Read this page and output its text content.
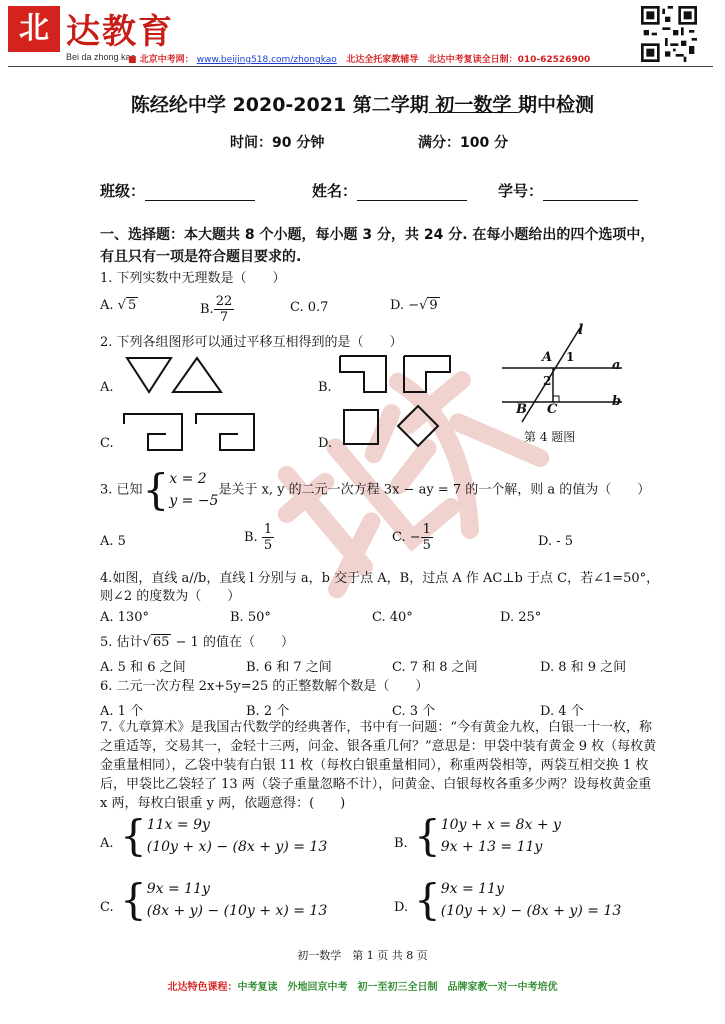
北 达教育
Bei da zhong kao
■ 北京中考网： www.beijing518.com/zhongkao 北达全托家教辅导 北达中考复读全日制：010-62526900
陈经纶中学 2020-2021 第二学期 初一数学 期中检测
时间：90 分钟	满分：100 分
班级：	姓名：	学号：
一、选择题：本大题共 8 个小题，每小题 3 分，共 24 分. 在每小题给出的四个选项中，有且只有一项是符合题目要求的.
1. 下列实数中无理数是（　　）
A. √ 5	B. $\frac{22}{7}$	C. 0.7̇	D. −√ 9
2. 下列各组图形可以通过平移互相得到的是（　　）
A.	B.
C.	D.
l
A 1
a
2
B C
b
第 4 题图
3. 已知{x = 2
y = −5是关于 x, y 的二元一次方程 3x − ay = 7 的一个解，则 a 的值为（　　）
A. 5	B. $\frac{1}{5}$	C. − $\frac{1}{5}$	D. - 5
4.如图，直线 a//b，直线 l 分别与 a，b 交于点 A，B，过点 A 作 AC⊥b 于点 C，若∠1=50°，则∠2 的度数为（　　）
A. 130°	B. 50°	C. 40°	D. 25°
5. 估计√ 65 − 1 的值在（　　）
A. 5 和 6 之间	B. 6 和 7 之间	C. 7 和 8 之间	D. 8 和 9 之间
6. 二元一次方程 2x+5y=25 的正整数解个数是（　　）
A. 1 个	B. 2 个	C. 3 个	D. 4 个
7.《九章算术》是我国古代数学的经典著作，书中有一问题：“今有黄金九枚，白银一十一枚，称之重适等，交易其一，金轻十三两，问金、银各重几何？”意思是：甲袋中装有黄金 9 枚（每枚黄金重量相同），乙袋中装有白银 11 枚（每枚白银重量相同），称重两袋相等，两袋互相交换 1 枚后，甲袋比乙袋轻了 13 两（袋子重量忽略不计），问黄金、白银每枚各重多少两？设每枚黄金重 x 两，每枚白银重 y 两，依题意得：(　　)
A. {11x = 9y
(10y + x) − (8x + y) = 13	B. {10y + x = 8x + y
9x + 13 = 11y
C. {9x = 11y
(8x + y) − (10y + x) = 13	D. {9x = 11y
(10y + x) − (8x + y) = 13
初一数学　第 1 页 共 8 页
北达特色课程：中考复读　外地回京中考　初一至初三全日制　品牌家教一对一中考培优
